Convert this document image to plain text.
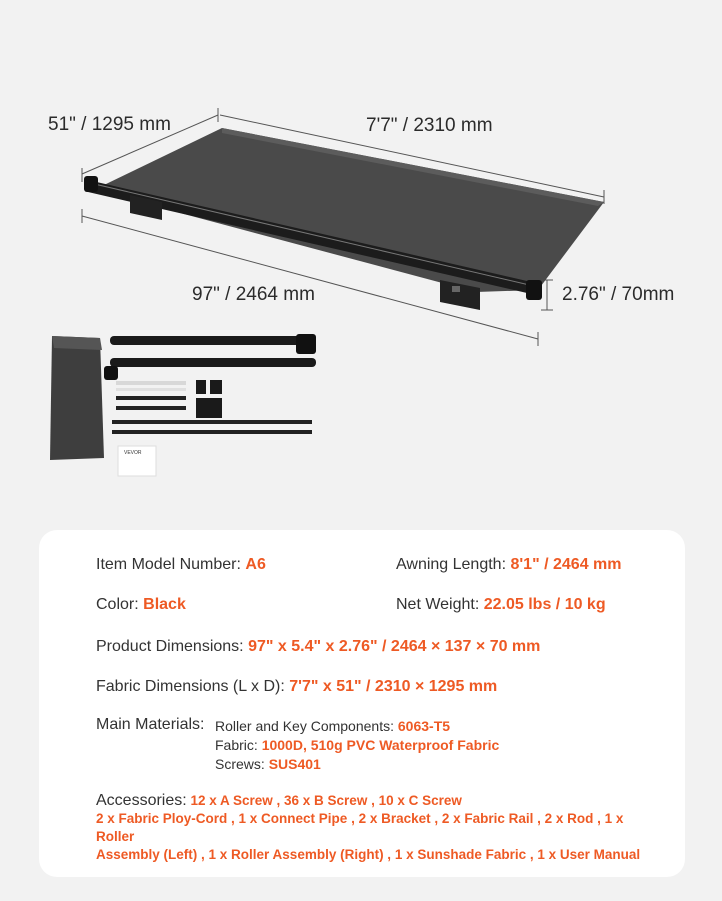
VEVOR
51" / 1295 mm	7'7" / 2310 mm
97" / 2464 mm	2.76" / 70mm
Item Model Number: A6	Awning Length: 8'1" / 2464 mm
Color: Black	Net Weight: 22.05 lbs / 10 kg
Product Dimensions: 97" x 5.4" x 2.76" / 2464 × 137 × 70 mm
Fabric Dimensions (L x D): 7'7" x 51" / 2310 × 1295 mm
Main Materials: Roller and Key Components: 6063-T5
Fabric: 1000D, 510g PVC Waterproof Fabric
Screws: SUS401
Accessories: 12 x A Screw , 36 x B Screw , 10 x C Screw
2 x Fabric Ploy-Cord , 1 x Connect Pipe , 2 x Bracket , 2 x Fabric Rail , 2 x Rod , 1 x Roller
Assembly (Left) , 1 x Roller Assembly (Right) , 1 x Sunshade Fabric , 1 x User Manual
